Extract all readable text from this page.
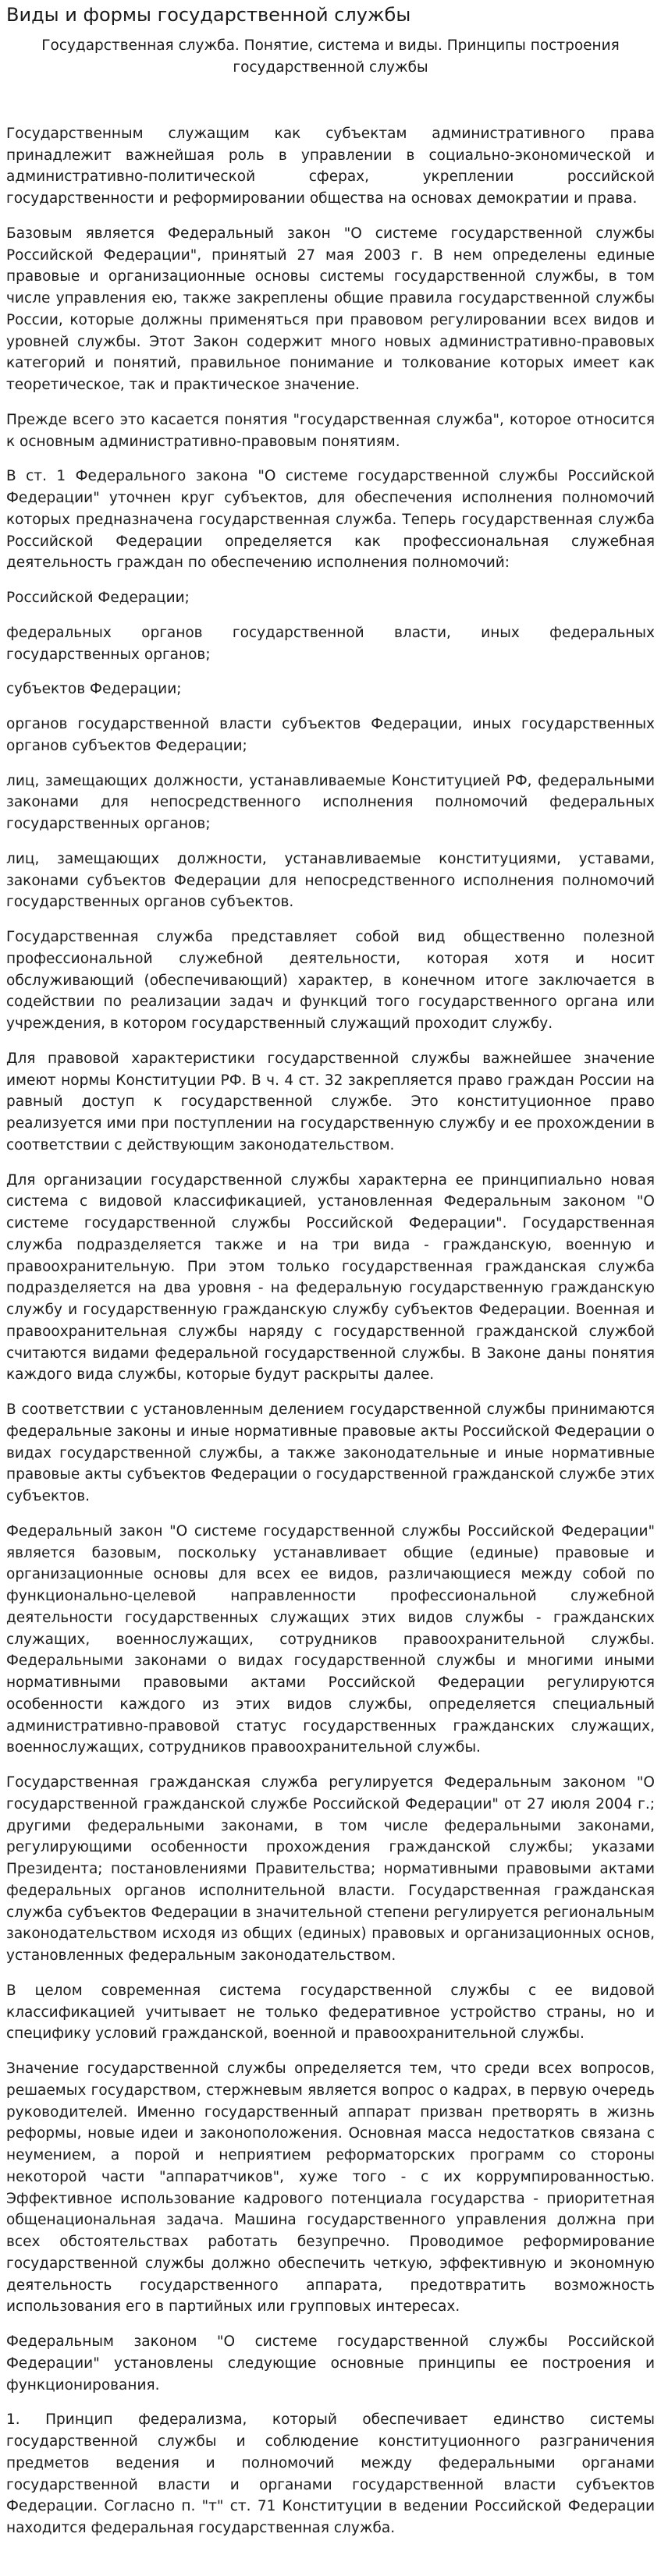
Виды и формы государственной службы
Государственная служба. Понятие, система и виды. Принципы построения государственной службы

Государственным служащим как субъектам административного права принадлежит важнейшая роль в управлении в социально-экономической и административно-политической сферах, укреплении российской государственности и реформировании общества на основах демократии и права.

Базовым является Федеральный закон "О системе государственной службы Российской Федерации", принятый 27 мая 2003 г. В нем определены единые правовые и организационные основы системы государственной службы, в том числе управления ею, также закреплены общие правила государственной службы России, которые должны применяться при правовом регулировании всех видов и уровней службы. Этот Закон содержит много новых административно-правовых категорий и понятий, правильное понимание и толкование которых имеет как теоретическое, так и практическое значение.

Прежде всего это касается понятия "государственная служба", которое относится к основным административно-правовым понятиям.

В ст. 1 Федерального закона "О системе государственной службы Российской Федерации" уточнен круг субъектов, для обеспечения исполнения полномочий которых предназначена государственная служба. Теперь государственная служба Российской Федерации определяется как профессиональная служебная деятельность граждан по обеспечению исполнения полномочий:

Российской Федерации;

федеральных органов государственной власти, иных федеральных государственных органов;

субъектов Федерации;

органов государственной власти субъектов Федерации, иных государственных органов субъектов Федерации;

лиц, замещающих должности, устанавливаемые Конституцией РФ, федеральными законами для непосредственного исполнения полномочий федеральных государственных органов;

лиц, замещающих должности, устанавливаемые конституциями, уставами, законами субъектов Федерации для непосредственного исполнения полномочий государственных органов субъектов.

Государственная служба представляет собой вид общественно полезной профессиональной служебной деятельности, которая хотя и носит обслуживающий (обеспечивающий) характер, в конечном итоге заключается в содействии по реализации задач и функций того государственного органа или учреждения, в котором государственный служащий проходит службу.

Для правовой характеристики государственной службы важнейшее значение имеют нормы Конституции РФ. В ч. 4 ст. 32 закрепляется право граждан России на равный доступ к государственной службе. Это конституционное право реализуется ими при поступлении на государственную службу и ее прохождении в соответствии с действующим законодательством.

Для организации государственной службы характерна ее принципиально новая система с видовой классификацией, установленная Федеральным законом "О системе государственной службы Российской Федерации". Государственная служба подразделяется также и на три вида - гражданскую, военную и правоохранительную. При этом только государственная гражданская служба подразделяется на два уровня - на федеральную государственную гражданскую службу и государственную гражданскую службу субъектов Федерации. Военная и правоохранительная службы наряду с государственной гражданской службой считаются видами федеральной государственной службы. В Законе даны понятия каждого вида службы, которые будут раскрыты далее.

В соответствии с установленным делением государственной службы принимаются федеральные законы и иные нормативные правовые акты Российской Федерации о видах государственной службы, а также законодательные и иные нормативные правовые акты субъектов Федерации о государственной гражданской службе этих субъектов.

Федеральный закон "О системе государственной службы Российской Федерации" является базовым, поскольку устанавливает общие (единые) правовые и организационные основы для всех ее видов, различающиеся между собой по функционально-целевой направленности профессиональной служебной деятельности государственных служащих этих видов службы - гражданских служащих, военнослужащих, сотрудников правоохранительной службы. Федеральными законами о видах государственной службы и многими иными нормативными правовыми актами Российской Федерации регулируются особенности каждого из этих видов службы, определяется специальный административно-правовой статус государственных гражданских служащих, военнослужащих, сотрудников правоохранительной службы.

Государственная гражданская служба регулируется Федеральным законом "О государственной гражданской службе Российской Федерации" от 27 июля 2004 г.; другими федеральными законами, в том числе федеральными законами, регулирующими особенности прохождения гражданской службы; указами Президента; постановлениями Правительства; нормативными правовыми актами федеральных органов исполнительной власти. Государственная гражданская служба субъектов Федерации в значительной степени регулируется региональным законодательством исходя из общих (единых) правовых и организационных основ, установленных федеральным законодательством.

В целом современная система государственной службы с ее видовой классификацией учитывает не только федеративное устройство страны, но и специфику условий гражданской, военной и правоохранительной службы.

Значение государственной службы определяется тем, что среди всех вопросов, решаемых государством, стержневым является вопрос о кадрах, в первую очередь руководителей. Именно государственный аппарат призван претворять в жизнь реформы, новые идеи и законоположения. Основная масса недостатков связана с неумением, а порой и неприятием реформаторских программ со стороны некоторой части "аппаратчиков", хуже того - с их коррумпированностью. Эффективное использование кадрового потенциала государства - приоритетная общенациональная задача. Машина государственного управления должна при всех обстоятельствах работать безупречно. Проводимое реформирование государственной службы должно обеспечить четкую, эффективную и экономную деятельность государственного аппарата, предотвратить возможность использования его в партийных или групповых интересах.

Федеральным законом "О системе государственной службы Российской Федерации" установлены следующие основные принципы ее построения и функционирования.

1. Принцип федерализма, который обеспечивает единство системы государственной службы и соблюдение конституционного разграничения предметов ведения и полномочий между федеральными органами государственной власти и органами государственной власти субъектов Федерации. Согласно п. "т" ст. 71 Конституции в ведении Российской Федерации находится федеральная государственная служба.
